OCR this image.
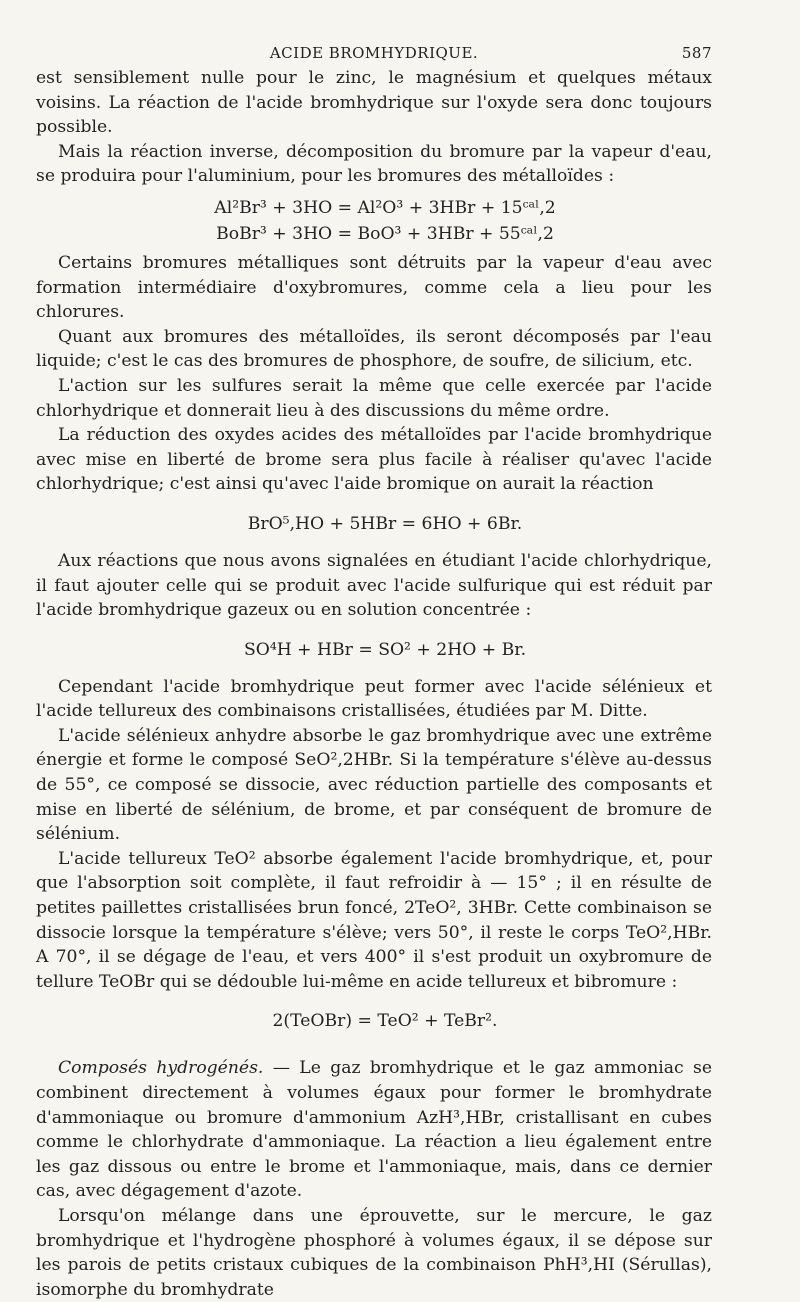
ACIDE BROMHYDRIQUE.	587

est sensiblement nulle pour le zinc, le magnésium et quelques métaux voisins. La réaction de l'acide bromhydrique sur l'oxyde sera donc toujours possible.

Mais la réaction inverse, décomposition du bromure par la vapeur d'eau, se produira pour l'aluminium, pour les bromures des métalloïdes :

Al²Br³ + 3HO = Al²O³ + 3HBr + 15ᶜᵃˡ,2

BoBr³ + 3HO = BoO³ + 3HBr + 55ᶜᵃˡ,2

Certains bromures métalliques sont détruits par la vapeur d'eau avec formation intermédiaire d'oxybromures, comme cela a lieu pour les chlorures.

Quant aux bromures des métalloïdes, ils seront décomposés par l'eau liquide; c'est le cas des bromures de phosphore, de soufre, de silicium, etc.

L'action sur les sulfures serait la même que celle exercée par l'acide chlorhydrique et donnerait lieu à des discussions du même ordre.

La réduction des oxydes acides des métalloïdes par l'acide bromhydrique avec mise en liberté de brome sera plus facile à réaliser qu'avec l'acide chlorhydrique; c'est ainsi qu'avec l'aide bromique on aurait la réaction

BrO⁵,HO + 5HBr = 6HO + 6Br.

Aux réactions que nous avons signalées en étudiant l'acide chlorhydrique, il faut ajouter celle qui se produit avec l'acide sulfurique qui est réduit par l'acide bromhydrique gazeux ou en solution concentrée :

SO⁴H + HBr = SO² + 2HO + Br.

Cependant l'acide bromhydrique peut former avec l'acide sélénieux et l'acide tellureux des combinaisons cristallisées, étudiées par M. Ditte.

L'acide sélénieux anhydre absorbe le gaz bromhydrique avec une extrême énergie et forme le composé SeO²,2HBr. Si la température s'élève au-dessus de 55°, ce composé se dissocie, avec réduction partielle des composants et mise en liberté de sélénium, de brome, et par conséquent de bromure de sélénium.

L'acide tellureux TeO² absorbe également l'acide bromhydrique, et, pour que l'absorption soit complète, il faut refroidir à — 15° ; il en résulte de petites paillettes cristallisées brun foncé, 2TeO², 3HBr. Cette combinaison se dissocie lorsque la température s'élève; vers 50°, il reste le corps TeO²,HBr. A 70°, il se dégage de l'eau, et vers 400° il s'est produit un oxybromure de tellure TeOBr qui se dédouble lui-même en acide tellureux et bibromure :

2(TeOBr) = TeO² + TeBr².

Composés hydrogénés. — Le gaz bromhydrique et le gaz ammoniac se combinent directement à volumes égaux pour former le bromhydrate d'ammoniaque ou bromure d'ammonium AzH³,HBr, cristallisant en cubes comme le chlorhydrate d'ammoniaque. La réaction a lieu également entre les gaz dissous ou entre le brome et l'ammoniaque, mais, dans ce dernier cas, avec dégagement d'azote.

Lorsqu'on mélange dans une éprouvette, sur le mercure, le gaz bromhydrique et l'hydrogène phosphoré à volumes égaux, il se dépose sur les parois de petits cristaux cubiques de la combinaison PhH³,HI (Sérullas), isomorphe du bromhydrate
